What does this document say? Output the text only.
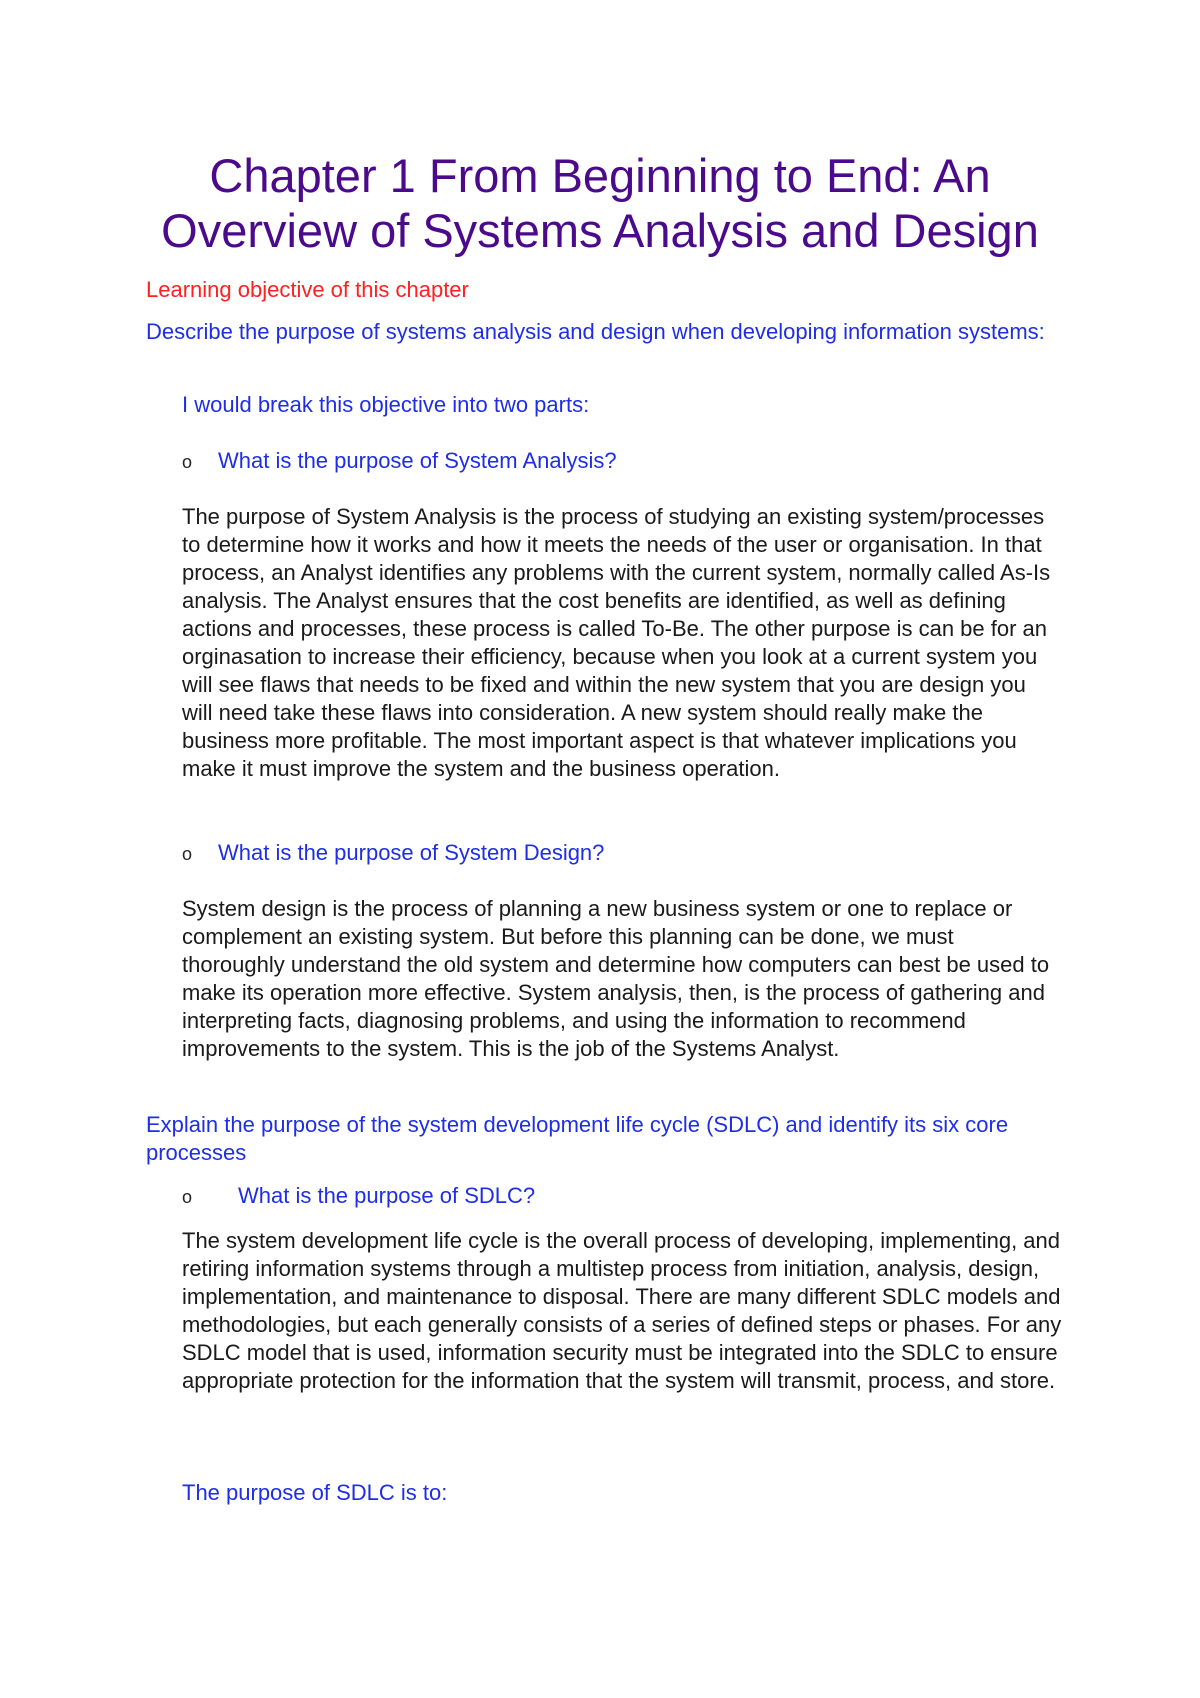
Chapter 1 From Beginning to End: An Overview of Systems Analysis and Design
Learning objective of this chapter

Describe the purpose of systems analysis and design when developing information systems:

I would break this objective into two parts:

o	What is the purpose of System Analysis?

The purpose of System Analysis is the process of studying an existing system/processes to determine how it works and how it meets the needs of the user or organisation. In that process, an Analyst identifies any problems with the current system, normally called As-Is analysis. The Analyst ensures that the cost benefits are identified, as well as defining actions and processes, these process is called To-Be. The other purpose is can be for an orginasation to increase their efficiency, because when you look at a current system you will see flaws that needs to be fixed and within the new system that you are design you will need take these flaws into consideration. A new system should really make the business more profitable. The most important aspect is that whatever implications you make it must improve the system and the business operation.

o	What is the purpose of System Design?

System design is the process of planning a new business system or one to replace or complement an existing system. But before this planning can be done, we must thoroughly understand the old system and determine how computers can best be used to make its operation more effective. System analysis, then, is the process of gathering and interpreting facts, diagnosing problems, and using the information to recommend improvements to the system. This is the job of the Systems Analyst.

Explain the purpose of the system development life cycle (SDLC) and identify its six core   processes

o	What is the purpose of SDLC?

The system development life cycle is the overall process of developing, implementing, and retiring information systems through a multistep process from initiation, analysis, design, implementation, and maintenance to disposal. There are many different SDLC models and methodologies, but each generally consists of a series of defined steps or phases. For any SDLC model that is used, information security must be integrated into the SDLC to ensure appropriate protection for the information that the system will transmit, process, and store.

The purpose of SDLC is to:
